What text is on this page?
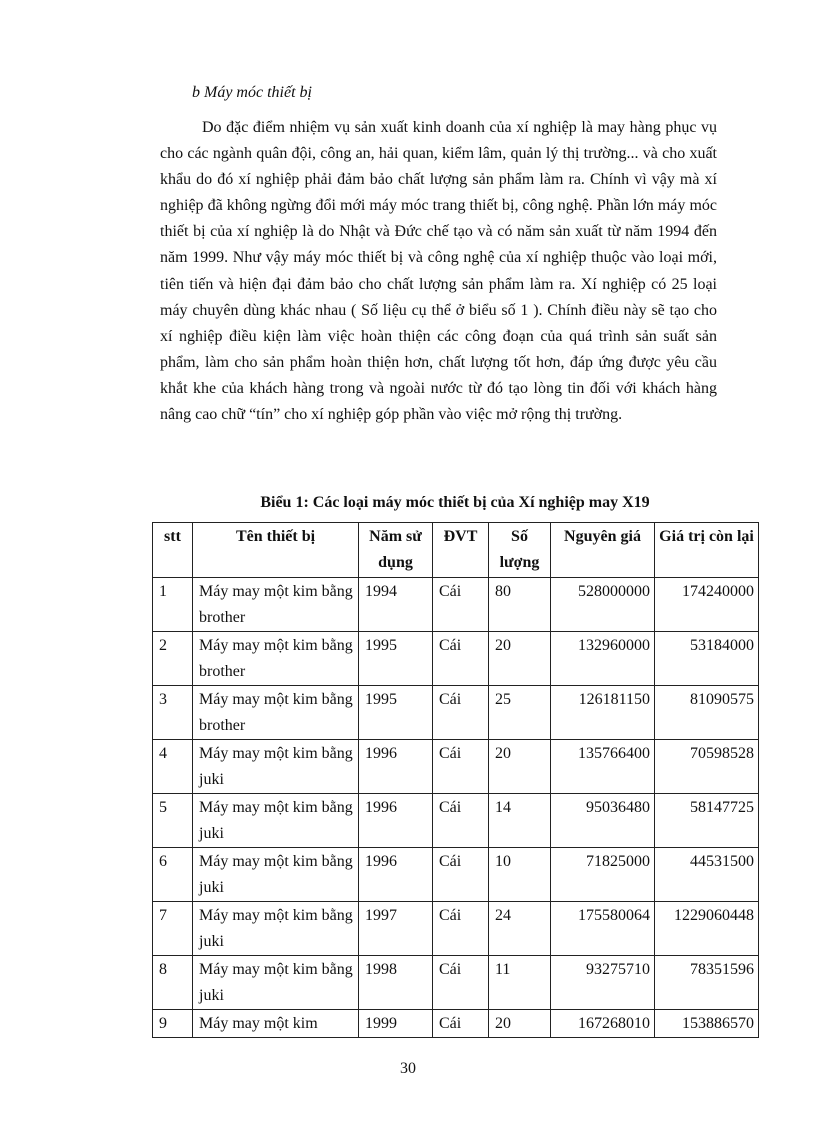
b Máy móc thiết bị

Do đặc điểm nhiệm vụ sản xuất kinh doanh của xí nghiệp là may hàng phục vụ cho các ngành quân đội, công an, hải quan, kiểm lâm, quản lý thị trường... và cho xuất khẩu do đó xí nghiệp phải đảm bảo chất lượng sản phẩm làm ra. Chính vì vậy mà xí nghiệp đã không ngừng đổi mới máy móc trang thiết bị, công nghệ. Phần lớn máy móc thiết bị của xí nghiệp là do Nhật và Đức chế tạo và có năm sản xuất từ năm 1994 đến năm 1999. Như vậy máy móc thiết bị và công nghệ của xí nghiệp thuộc vào loại mới, tiên tiến và hiện đại đảm bảo cho chất lượng sản phẩm làm ra. Xí nghiệp có 25 loại máy chuyên dùng khác nhau ( Số liệu cụ thể ở biểu số 1 ). Chính điều này sẽ tạo cho xí nghiệp điều kiện làm việc hoàn thiện các công đoạn của quá trình sản suất sản phẩm, làm cho sản phẩm hoàn thiện hơn, chất lượng tốt hơn, đáp ứng được yêu cầu khắt khe của khách hàng trong và ngoài nước từ đó tạo lòng tin đối với khách hàng nâng cao chữ “tín” cho xí nghiệp góp phần vào việc mở rộng thị trường.

Biểu 1: Các loại máy móc thiết bị của Xí nghiệp may X19
stt	Tên thiết bị	Năm sử dụng	ĐVT	Số lượng	Nguyên giá	Giá trị còn lại
1	Máy may một kim bằng brother	1994	Cái	80	528000000	174240000
2	Máy may một kim bằng brother	1995	Cái	20	132960000	53184000
3	Máy may một kim bằng brother	1995	Cái	25	126181150	81090575
4	Máy may một kim bằng juki	1996	Cái	20	135766400	70598528
5	Máy may một kim bằng juki	1996	Cái	14	95036480	58147725
6	Máy may một kim bằng juki	1996	Cái	10	71825000	44531500
7	Máy may một kim bằng juki	1997	Cái	24	175580064	1229060448
8	Máy may một kim bằng juki	1998	Cái	11	93275710	78351596
9	Máy may một kim	1999	Cái	20	167268010	153886570
30
